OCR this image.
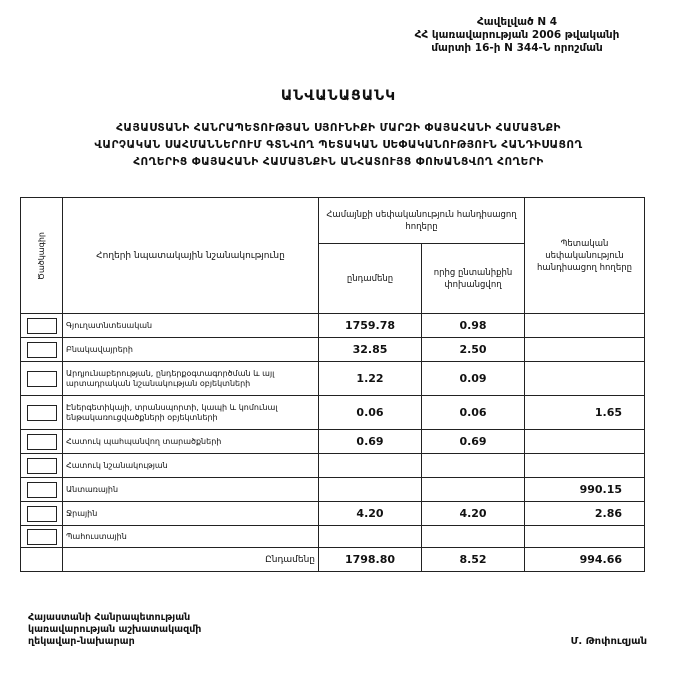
Հավելված N 4
ՀՀ կառավարության 2006 թվականի
մարտի 16-ի N 344-Ն որոշման
ԱՆՎԱՆԱՑԱՆԿ
ՀԱՅԱՍՏԱՆԻ ՀԱՆՐԱՊԵՏՈՒԹՅԱՆ ՍՅՈՒՆԻՔԻ ՄԱՐԶԻ ՓԱՅԱՀԱՆԻ ՀԱՄԱՅՆՔԻ
ՎԱՐՉԱԿԱՆ ՍԱՀՄԱՆՆԵՐՈՒՄ ԳՏՆՎՈՂ ՊԵՏԱԿԱՆ ՍԵՓԱԿԱՆՈՒԹՅՈՒՆ ՀԱՆԴԻՍԱՑՈՂ
ՀՈՂԵՐԻՑ ՓԱՅԱՀԱՆԻ ՀԱՄԱՅՆՔԻՆ ԱՆՀԱՏՈՒՅՑ ՓՈԽԱՆՑՎՈՂ ՀՈՂԵՐԻ
Ծածկագիր	Հողերի նպատակային նշանակությունը	Համայնքի սեփականություն հանդիսացող հողերը		Պետական սեփականություն հանդիսացող հողերը
		ընդամենը	որից ընտանիքին փոխանցվող	

	Գյուղատնտեսական	1759.78	0.98	

	Բնակավայրերի	32.85	2.50	

	Արդյունաբերության, ընդերքօգտագործման և այլ արտադրական նշանակության օբյեկտների	1.22	0.09	

	Էներգետիկայի, տրանսպորտի, կապի և կոմունալ ենթակառուցվածքների օբյեկտների	0.06	0.06	1.65

	Հատուկ պահպանվող տարածքների	0.69	0.69	

	Հատուկ նշանակության			

	Անտառային			990.15

	Ջրային	4.20	4.20	2.86

	Պահուստային			
	Ընդամենը	1798.80	8.52	994.66
Հայաստանի Հանրապետության
կառավարության աշխատակազմի
ղեկավար-նախարար	Մ. Թոփուզյան
